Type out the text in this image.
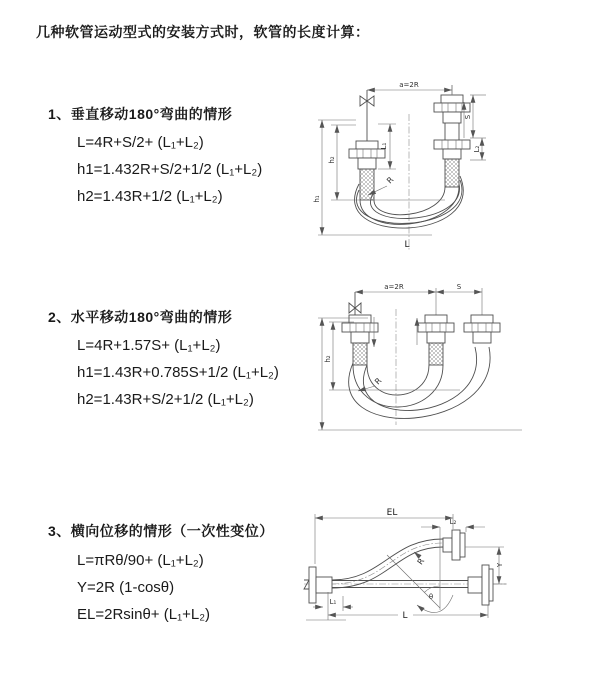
几种软管运动型式的安装方式时，软管的长度计算：
1、垂直移动180°弯曲的情形
L=4R+S/2+ (L₁+L₂)
h1=1.432R+S/2+1/2 (L₁+L₂)
h2=1.43R+1/2 (L₁+L₂)
2、水平移动180°弯曲的情形
L=4R+1.57S+ (L₁+L₂)
h1=1.43R+0.785S+1/2 (L₁+L₂)
h2=1.43R+S/2+1/2 (L₁+L₂)
3、横向位移的情形（一次性变位）
L=πRθ/90+ (L₁+L₂)
Y=2R (1-cosθ)
EL=2Rsinθ+ (L₁+L₂)
a=2R
L₁
h₁
h₂
S
L₂
R
L
a=2R	S
h₂
R
EL
L₂
Y
θ
R
L₁
L
